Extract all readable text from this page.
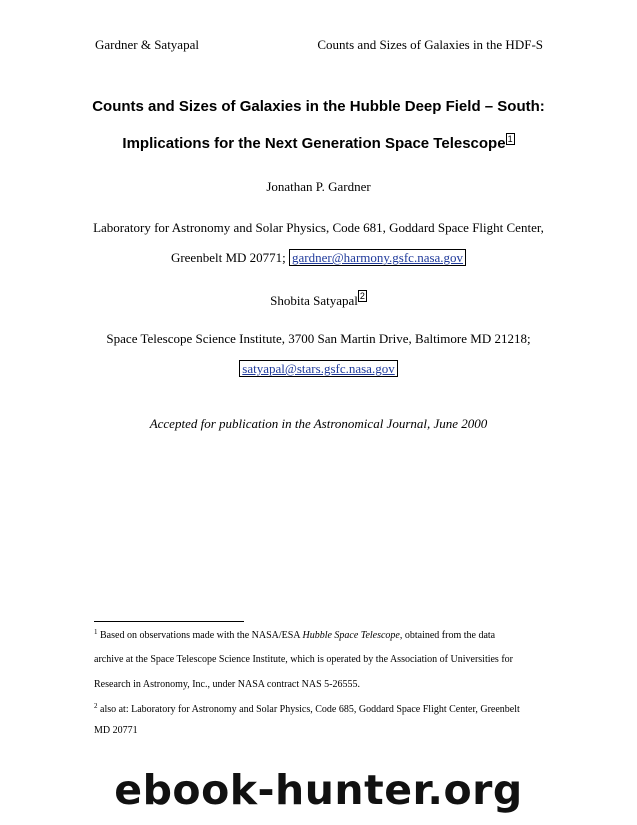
Gardner & Satyapal	Counts and Sizes of Galaxies in the HDF-S
Counts and Sizes of Galaxies in the Hubble Deep Field – South:
Implications for the Next Generation Space Telescope 1
Jonathan P. Gardner
Laboratory for Astronomy and Solar Physics, Code 681, Goddard Space Flight Center,
Greenbelt MD 20771; gardner@harmony.gsfc.nasa.gov
Shobita Satyapal 2
Space Telescope Science Institute, 3700 San Martin Drive, Baltimore MD 21218;
satyapal@stars.gsfc.nasa.gov
Accepted for publication in the Astronomical Journal, June 2000
$^1$ Based on observations made with the NASA/ESA Hubble Space Telescope, obtained from the data
archive at the Space Telescope Science Institute, which is operated by the Association of Universities for
Research in Astronomy, Inc., under NASA contract NAS 5-26555.
$^2$ also at: Laboratory for Astronomy and Solar Physics, Code 685, Goddard Space Flight Center, Greenbelt
MD 20771
ebook-hunter.org
